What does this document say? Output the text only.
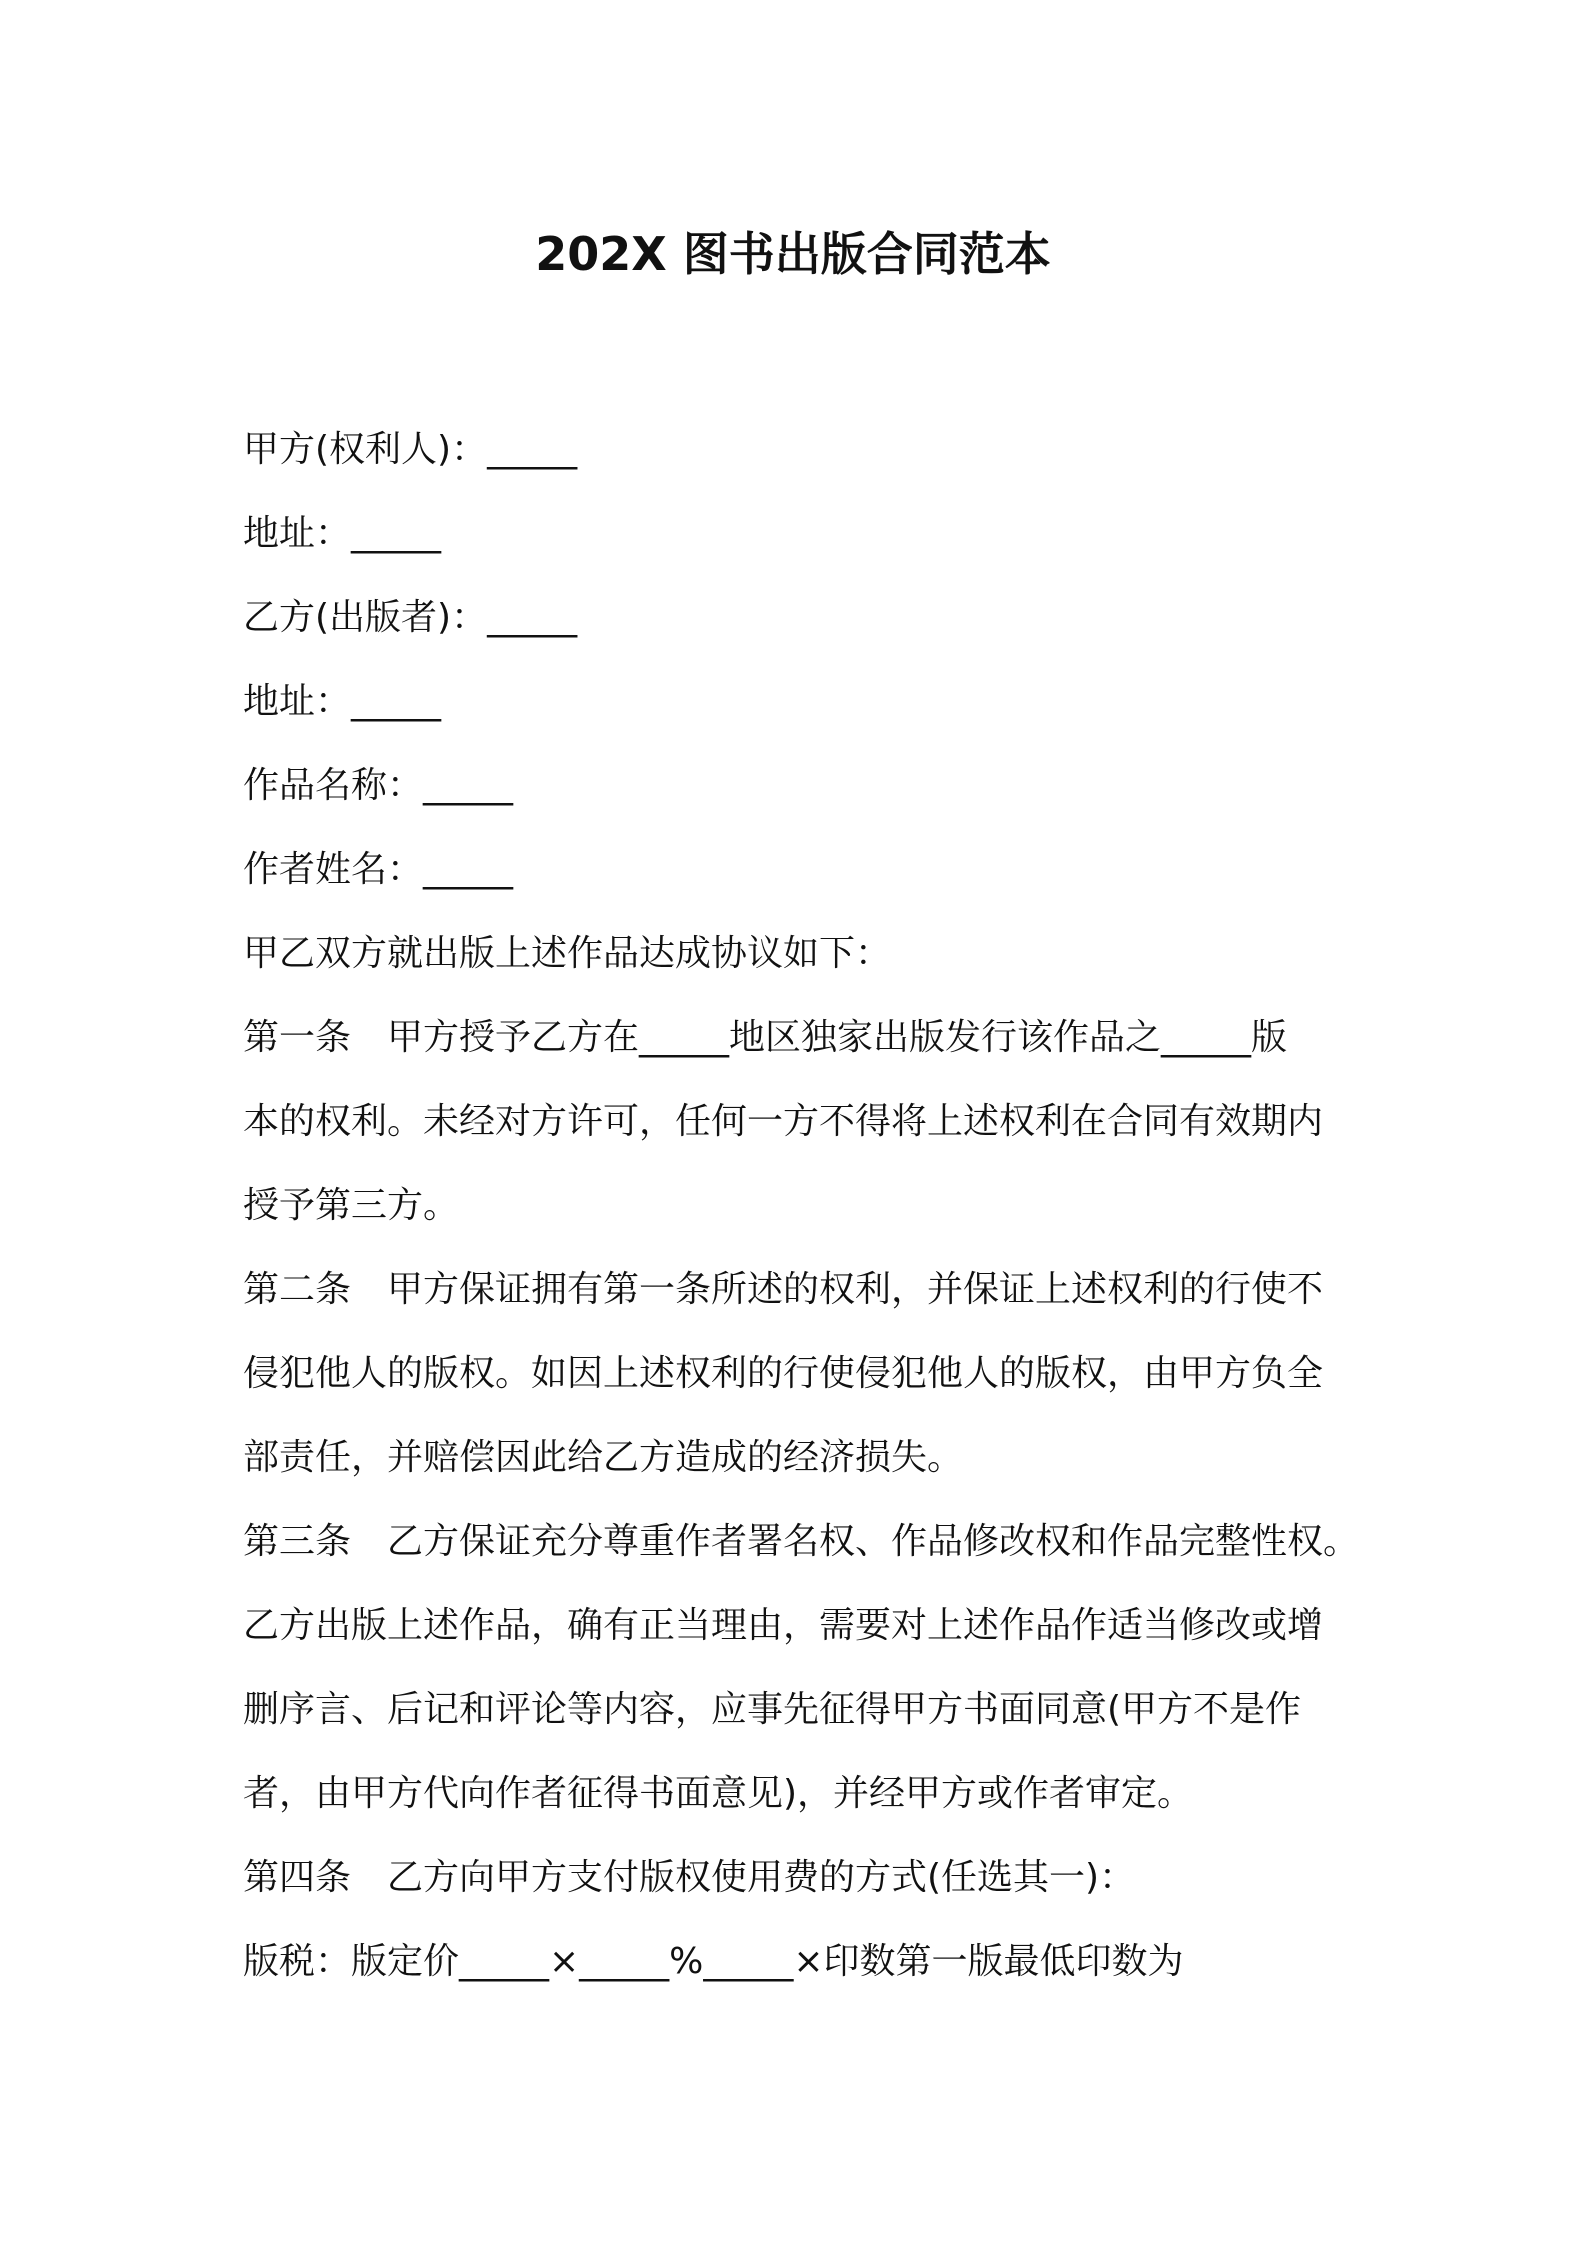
202X 图书出版合同范本
甲方(权利人)：_____
地址：_____
乙方(出版者)：_____
地址：_____
作品名称：_____
作者姓名：_____
甲乙双方就出版上述作品达成协议如下：
第一条　甲方授予乙方在_____地区独家出版发行该作品之_____版
本的权利。未经对方许可，任何一方不得将上述权利在合同有效期内
授予第三方。
第二条　甲方保证拥有第一条所述的权利，并保证上述权利的行使不
侵犯他人的版权。如因上述权利的行使侵犯他人的版权，由甲方负全
部责任，并赔偿因此给乙方造成的经济损失。
第三条　乙方保证充分尊重作者署名权、作品修改权和作品完整性权。
乙方出版上述作品，确有正当理由，需要对上述作品作适当修改或增
删序言、后记和评论等内容，应事先征得甲方书面同意(甲方不是作
者，由甲方代向作者征得书面意见)，并经甲方或作者审定。
第四条　乙方向甲方支付版权使用费的方式(任选其一)：
版税：版定价_____×_____%_____×印数第一版最低印数为
